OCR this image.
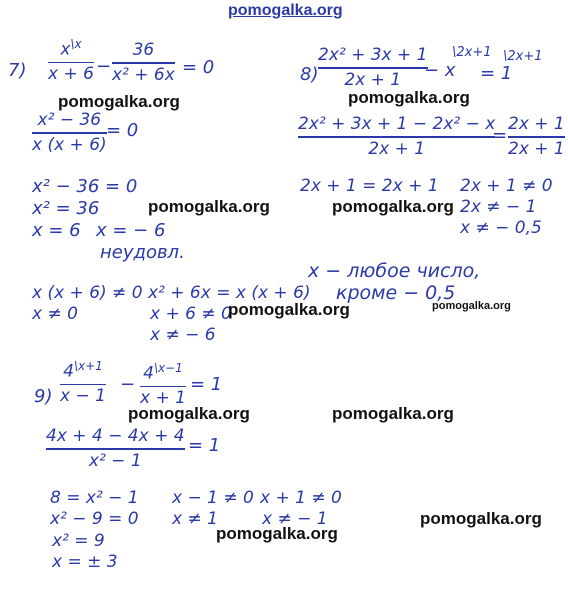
pomogalka.org
7)
$x^{\backslash x}$
x + 6 −
36
x² + 6x = 0
pomogalka.org
x² − 36
x (x + 6)
= 0
x² − 36 = 0
x² = 36
x = 6 x = − 6
неудовл.
pomogalka.org
x (x + 6) ≠ 0
x ≠ 0
x² + 6x = x (x + 6)
x + 6 ≠ 0
x ≠ − 6
pomogalka.org
8)
2x² + 3x + 1
2x + 1 − x
\2x+1
= 1
\2x+1
pomogalka.org
2x² + 3x + 1 − 2x² − x
2x + 1
=
2x + 1
2x + 1
2x + 1 = 2x + 1 2x + 1 ≠ 0
2x ≠ − 1
x ≠ − 0,5
pomogalka.org
x − любое число,
кроме − 0,5
pomogalka.org
9)
$4^{\backslash x+1}$
x − 1
−
$4^{\backslash x-1}$
x + 1
= 1
pomogalka.org	pomogalka.org
4x + 4 − 4x + 4
x² − 1
= 1
8 = x² − 1
x² − 9 = 0
x² = 9
x = ± 3
x − 1 ≠ 0
x ≠ 1
x + 1 ≠ 0
x ≠ − 1
pomogalka.org
pomogalka.org
